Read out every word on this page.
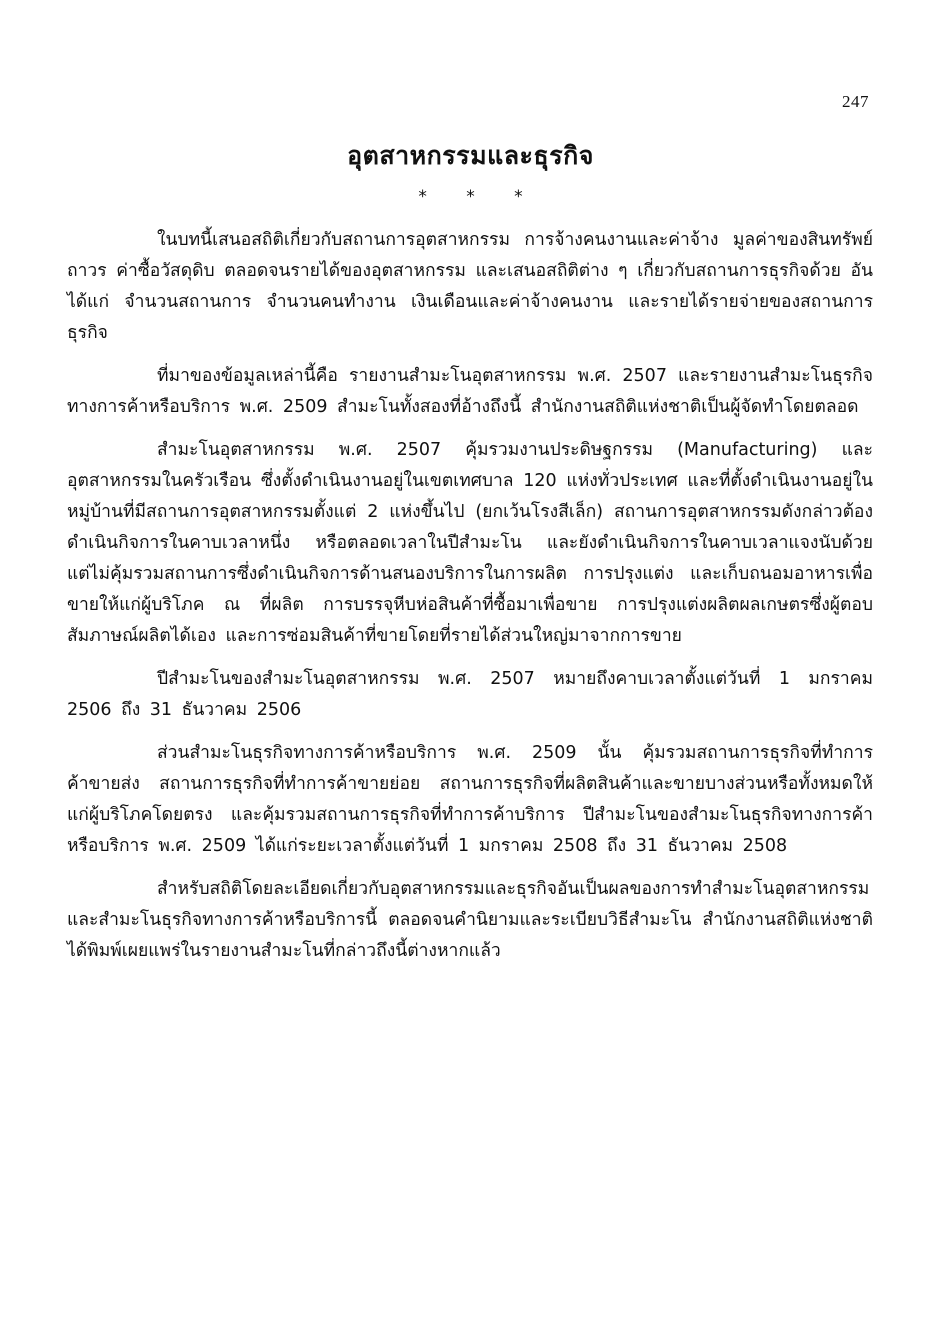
247
อุตสาหกรรมและธุรกิจ
* * *

ในบทนี้เสนอสถิติเกี่ยวกับสถานการอุตสาหกรรม การจ้างคนงานและค่าจ้าง มูลค่าของสินทรัพย์ถาวร ค่าซื้อวัสดุดิบ ตลอดจนรายได้ของอุตสาหกรรม และเสนอสถิติต่าง ๆ เกี่ยวกับสถานการธุรกิจด้วย อันได้แก่ จำนวนสถานการ จำนวนคนทำงาน เงินเดือนและค่าจ้างคนงาน และรายได้รายจ่ายของสถานการธุรกิจ

ที่มาของข้อมูลเหล่านี้คือ รายงานสำมะโนอุตสาหกรรม พ.ศ. 2507 และรายงานสำมะโนธุรกิจทางการค้าหรือบริการ พ.ศ. 2509 สำมะโนทั้งสองที่อ้างถึงนี้ สำนักงานสถิติแห่งชาติเป็นผู้จัดทำโดยตลอด

สำมะโนอุตสาหกรรม พ.ศ. 2507 คุ้มรวมงานประดิษฐกรรม (Manufacturing) และอุตสาหกรรมในครัวเรือน ซึ่งตั้งดำเนินงานอยู่ในเขตเทศบาล 120 แห่งทั่วประเทศ และที่ตั้งดำเนินงานอยู่ในหมู่บ้านที่มีสถานการอุตสาหกรรมตั้งแต่ 2 แห่งขึ้นไป (ยกเว้นโรงสีเล็ก) สถานการอุตสาหกรรมดังกล่าวต้องดำเนินกิจการในคาบเวลาหนึ่ง หรือตลอดเวลาในปีสำมะโน และยังดำเนินกิจการในคาบเวลาแจงนับด้วย แต่ไม่คุ้มรวมสถานการซึ่งดำเนินกิจการด้านสนองบริการในการผลิต การปรุงแต่ง และเก็บถนอมอาหารเพื่อขายให้แก่ผู้บริโภค ณ ที่ผลิต การบรรจุหีบห่อสินค้าที่ซื้อมาเพื่อขาย การปรุงแต่งผลิตผลเกษตรซึ่งผู้ตอบสัมภาษณ์ผลิตได้เอง และการซ่อมสินค้าที่ขายโดยที่รายได้ส่วนใหญ่มาจากการขาย

ปีสำมะโนของสำมะโนอุตสาหกรรม พ.ศ. 2507 หมายถึงคาบเวลาตั้งแต่วันที่ 1 มกราคม 2506 ถึง 31 ธันวาคม 2506

ส่วนสำมะโนธุรกิจทางการค้าหรือบริการ พ.ศ. 2509 นั้น คุ้มรวมสถานการธุรกิจที่ทำการค้าขายส่ง สถานการธุรกิจที่ทำการค้าขายย่อย สถานการธุรกิจที่ผลิตสินค้าและขายบางส่วนหรือทั้งหมดให้แก่ผู้บริโภคโดยตรง และคุ้มรวมสถานการธุรกิจที่ทำการค้าบริการ ปีสำมะโนของสำมะโนธุรกิจทางการค้าหรือบริการ พ.ศ. 2509 ได้แก่ระยะเวลาตั้งแต่วันที่ 1 มกราคม 2508 ถึง 31 ธันวาคม 2508

สำหรับสถิติโดยละเอียดเกี่ยวกับอุตสาหกรรมและธุรกิจอันเป็นผลของการทำสำมะโนอุตสาหกรรมและสำมะโนธุรกิจทางการค้าหรือบริการนี้ ตลอดจนคำนิยามและระเบียบวิธีสำมะโน สำนักงานสถิติแห่งชาติได้พิมพ์เผยแพร่ในรายงานสำมะโนที่กล่าวถึงนี้ต่างหากแล้ว
